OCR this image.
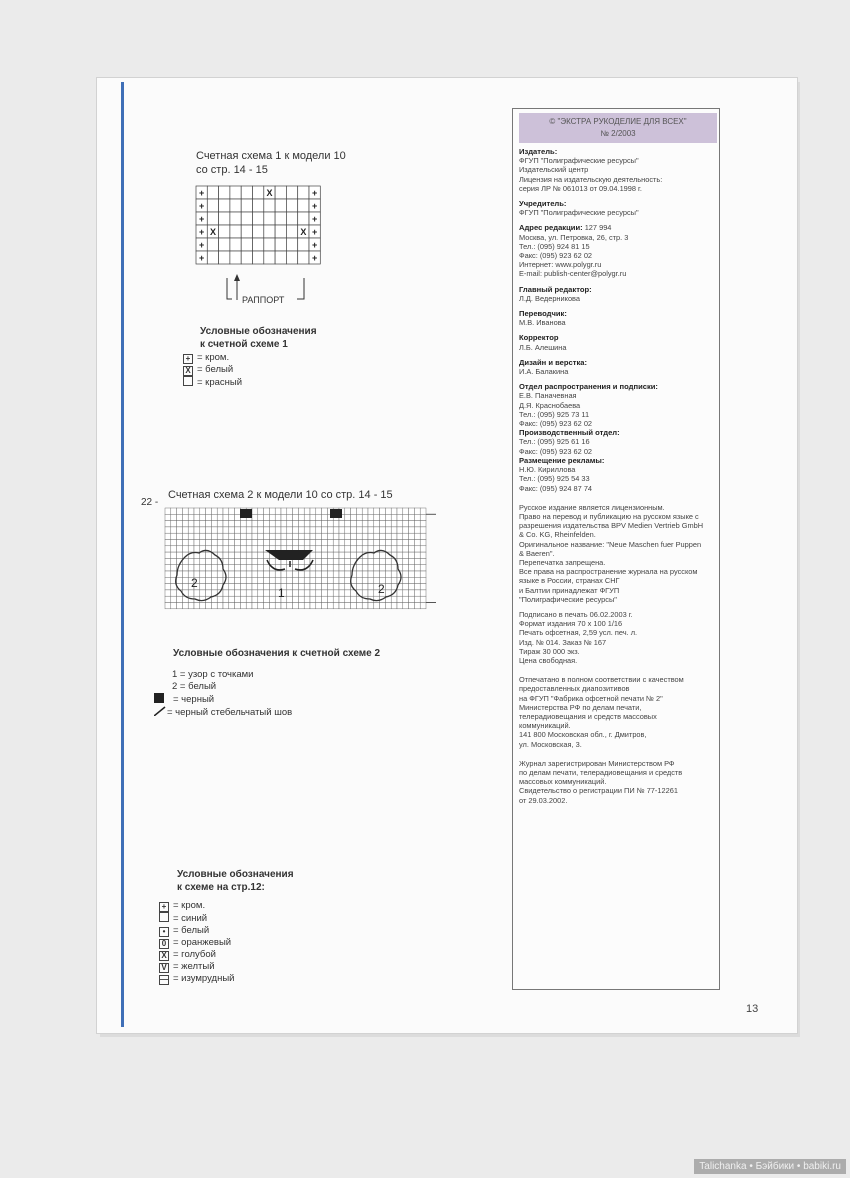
Счетная схема 1 к модели 10
со стр. 14 - 15
+	+
+	+
+	+
+	+
+	+
+	+
X
X	X
РАППОРТ
Условные обозначения
к счетной схеме 1
+ = кром.
X = белый
= красный
22 -
Счетная схема 2 к модели 10 со стр. 14 - 15
2
1	2
Условные обозначения к счетной схеме 2
1 = узор с точками
2 = белый
= черный
= черный стебельчатый шов
Условные обозначения
к схеме на стр.12:
+ = кром.
= синий
• = белый
0 = оранжевый
X = голубой
V = желтый
— = изумрудный
© "ЭКСТРА РУКОДЕЛИЕ ДЛЯ ВСЕХ"
№ 2/2003
Издатель:
ФГУП "Полиграфические ресурсы"
Издательский центр
Лицензия на издательскую деятельность:
серия ЛР № 061013 от 09.04.1998 г.
Учредитель:
ФГУП "Полиграфические ресурсы"
Адрес редакции: 127 994
Москва, ул. Петровка, 26, стр. 3
Тел.: (095) 924 81 15
Факс: (095) 923 62 02
Интернет: www.polygr.ru
E-mail: publish-center@polygr.ru
Главный редактор:
Л.Д. Ведерникова
Переводчик:
М.В. Иванова
Корректор
Л.Б. Алешина
Дизайн и верстка:
И.А. Балакина
Отдел распространения и подписки:
Е.В. Паначевная
Д.Я. Краснобаева
Тел.: (095) 925 73 11
Факс: (095) 923 62 02
Производственный отдел:
Тел.: (095) 925 61 16
Факс: (095) 923 62 02
Размещение рекламы:
Н.Ю. Кириллова
Тел.: (095) 925 54 33
Факс: (095) 924 87 74
Русское издание является лицензионным.
Право на перевод и публикацию на русском языке с
разрешения издательства BPV Medien Vertrieb GmbH
& Co. KG, Rheinfelden.
Оригинальное название: "Neue Maschen fuer Puppen
& Baeren".
Перепечатка запрещена.
Все права на распространение журнала на русском
языке в России, странах СНГ
и Балтии принадлежат ФГУП
"Полиграфические ресурсы"
Подписано в печать 06.02.2003 г.
Формат издания 70 x 100 1/16
Печать офсетная, 2,59 усл. печ. л.
Изд. № 014. Заказ № 167
Тираж 30 000 экз.
Цена свободная.
Отпечатано в полном соответствии с качеством
предоставленных диапозитивов
на ФГУП "Фабрика офсетной печати № 2"
Министерства РФ по делам печати,
телерадиовещания и средств массовых
коммуникаций.
141 800 Московская обл., г. Дмитров,
ул. Московская, 3.
Журнал зарегистрирован Министерством РФ
по делам печати, телерадиовещания и средств
массовых коммуникаций.
Свидетельство о регистрации ПИ № 77-12261
от 29.03.2002.
13
Talichanka • Бэйбики • babiki.ru
